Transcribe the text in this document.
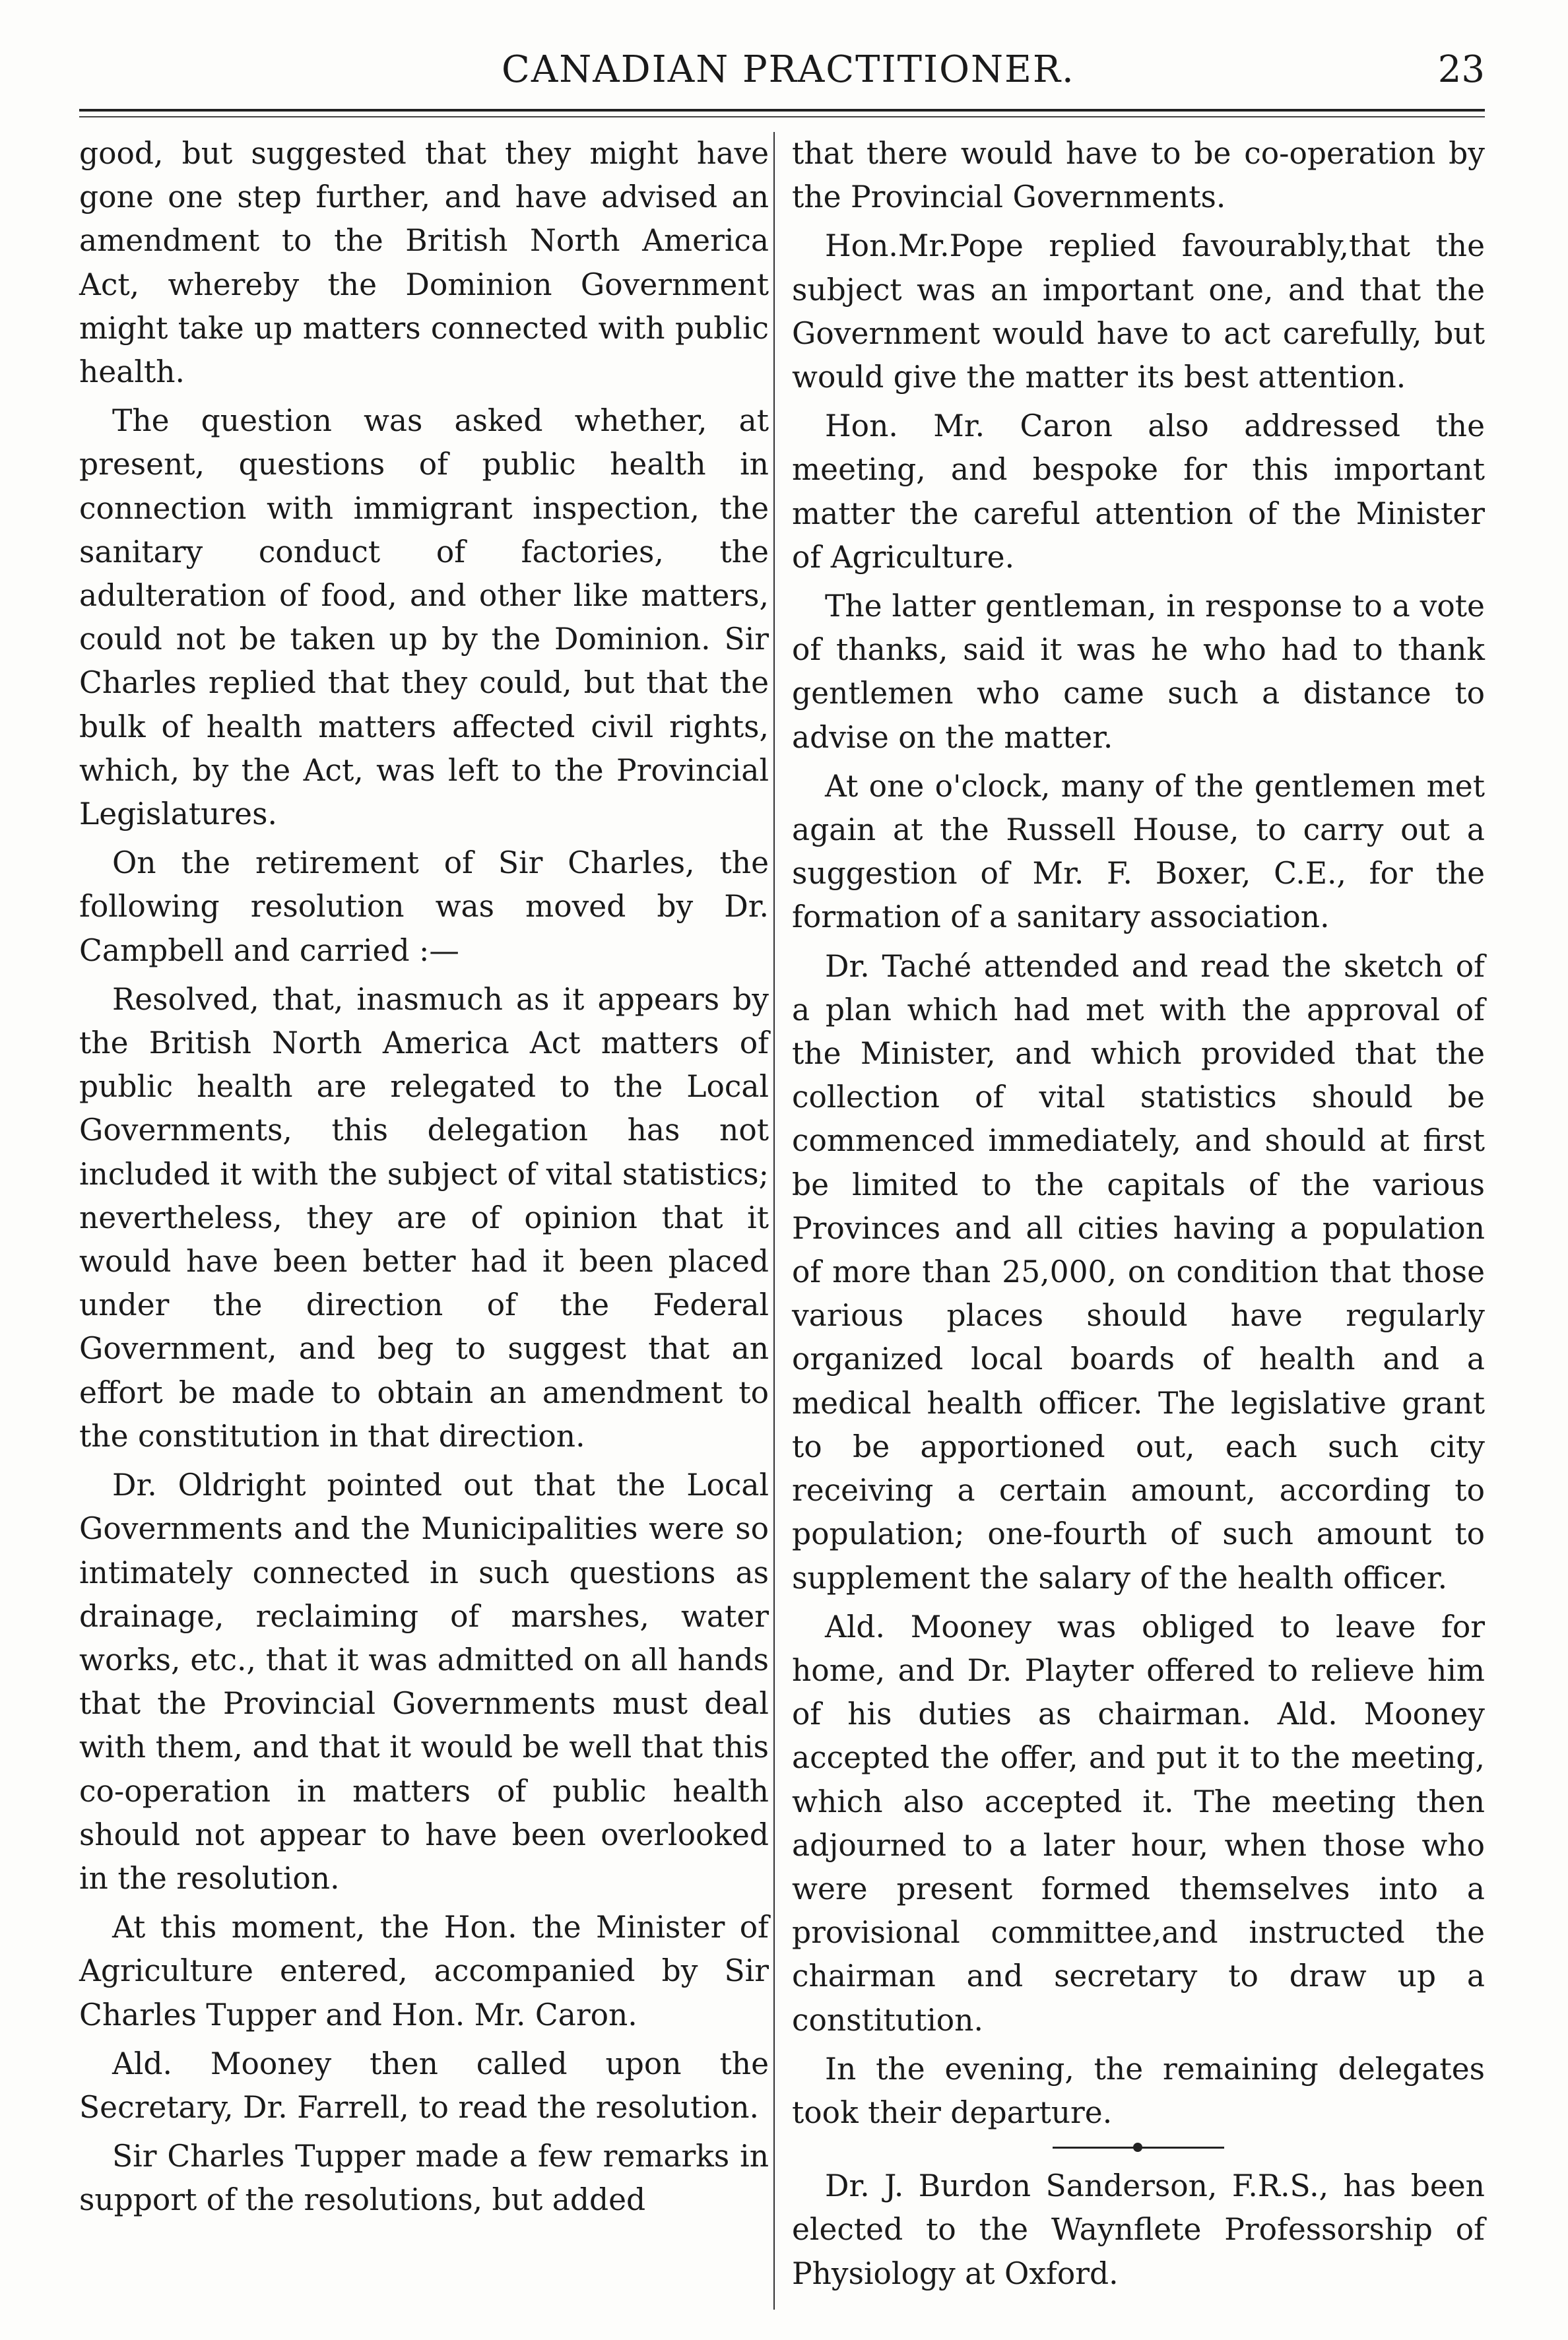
CANADIAN PRACTITIONER.	23

good, but suggested that they might have gone one step further, and have advised an amendment to the British North America Act, whereby the Dominion Government might take up matters connected with public health.

The question was asked whether, at present, questions of public health in connection with immigrant inspection, the sanitary conduct of factories, the adulteration of food, and other like matters, could not be taken up by the Dominion. Sir Charles replied that they could, but that the bulk of health matters affected civil rights, which, by the Act, was left to the Provincial Legislatures.

On the retirement of Sir Charles, the following resolution was moved by Dr. Campbell and carried :—

Resolved, that, inasmuch as it appears by the British North America Act matters of public health are relegated to the Local Governments, this delegation has not included it with the subject of vital statistics; nevertheless, they are of opinion that it would have been better had it been placed under the direction of the Federal Government, and beg to suggest that an effort be made to obtain an amendment to the constitution in that direction.

Dr. Oldright pointed out that the Local Governments and the Municipalities were so intimately connected in such questions as drainage, reclaiming of marshes, water works, etc., that it was admitted on all hands that the Provincial Governments must deal with them, and that it would be well that this co-operation in matters of public health should not appear to have been overlooked in the resolution.

At this moment, the Hon. the Minister of Agriculture entered, accompanied by Sir Charles Tupper and Hon. Mr. Caron.

Ald. Mooney then called upon the Secretary, Dr. Farrell, to read the resolution.

Sir Charles Tupper made a few remarks in support of the resolutions, but added

that there would have to be co-operation by the Provincial Governments.

Hon.Mr.Pope replied favourably,that the subject was an important one, and that the Government would have to act carefully, but would give the matter its best attention.

Hon. Mr. Caron also addressed the meeting, and bespoke for this important matter the careful attention of the Minister of Agriculture.

The latter gentleman, in response to a vote of thanks, said it was he who had to thank gentlemen who came such a distance to advise on the matter.

At one o'clock, many of the gentlemen met again at the Russell House, to carry out a suggestion of Mr. F. Boxer, C.E., for the formation of a sanitary association.

Dr. Taché attended and read the sketch of a plan which had met with the approval of the Minister, and which provided that the collection of vital statistics should be commenced immediately, and should at first be limited to the capitals of the various Provinces and all cities having a population of more than 25,000, on condition that those various places should have regularly organized local boards of health and a medical health officer. The legislative grant to be apportioned out, each such city receiving a certain amount, according to population; one-fourth of such amount to supplement the salary of the health officer.

Ald. Mooney was obliged to leave for home, and Dr. Playter offered to relieve him of his duties as chairman. Ald. Mooney accepted the offer, and put it to the meeting, which also accepted it. The meeting then adjourned to a later hour, when those who were present formed themselves into a provisional committee,and instructed the chairman and secretary to draw up a constitution.

In the evening, the remaining delegates took their departure.

Dr. J. Burdon Sanderson, F.R.S., has been elected to the Waynflete Professorship of Physiology at Oxford.
